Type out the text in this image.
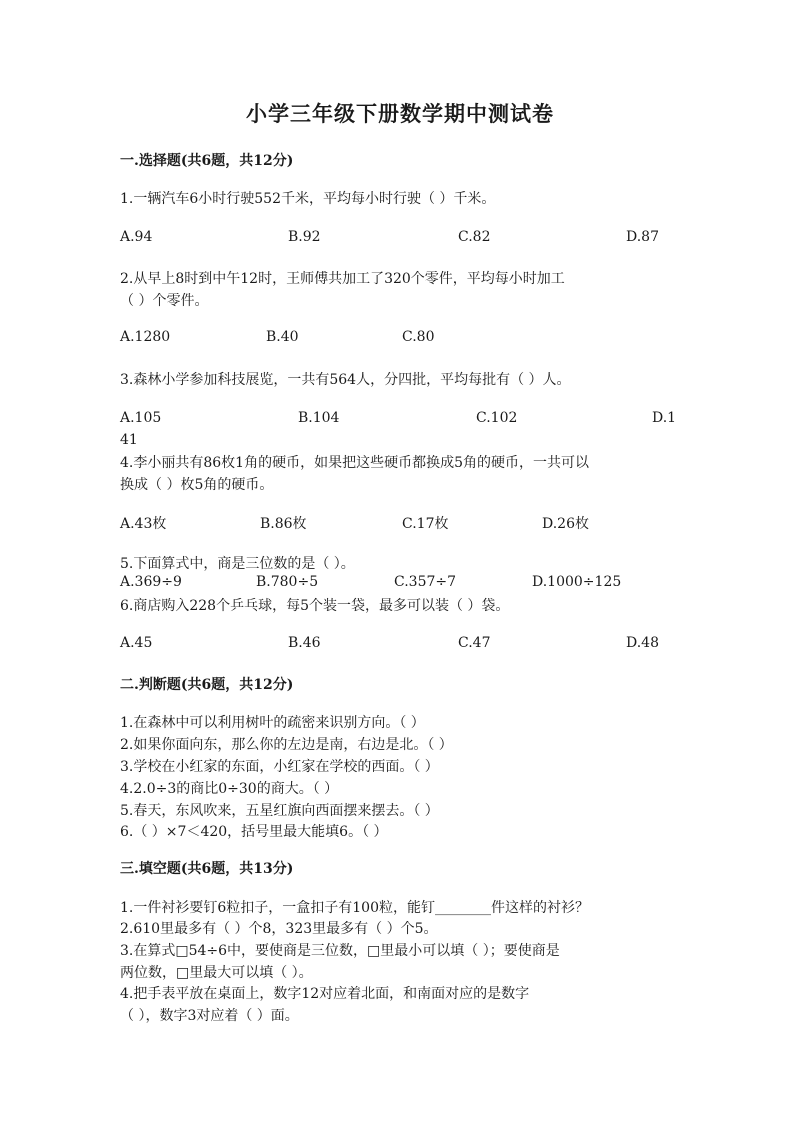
小学三年级下册数学期中测试卷
一.选择题(共6题，共12分)
1.一辆汽车6小时行驶552千米，平均每小时行驶（ ）千米。
A.94	B.92	C.82	D.87
2.从早上8时到中午12时，王师傅共加工了320个零件，平均每小时加工
（ ）个零件。
A.1280	B.40	C.80
3.森林小学参加科技展览，一共有564人，分四批，平均每批有（ ）人。
A.105	B.104	C.102	D.1
41
4.李小丽共有86枚1角的硬币，如果把这些硬币都换成5角的硬币，一共可以
换成（ ）枚5角的硬币。
A.43枚	B.86枚	C.17枚	D.26枚
5.下面算式中，商是三位数的是（ ）。
A.369÷9	B.780÷5	C.357÷7	D.1000÷125
6.商店购入228个乒乓球，每5个装一袋，最多可以装（ ）袋。
A.45	B.46	C.47	D.48
二.判断题(共6题，共12分)
1.在森林中可以利用树叶的疏密来识别方向。（ ）
2.如果你面向东，那么你的左边是南，右边是北。（ ）
3.学校在小红家的东面，小红家在学校的西面。（ ）
4.2.0÷3的商比0÷30的商大。（ ）
5.春天，东风吹来，五星红旗向西面摆来摆去。（ ）
6.（ ）×7＜420，括号里最大能填6。（ ）
三.填空题(共6题，共13分)
1.一件衬衫要钉6粒扣子，一盒扣子有100粒，能钉________件这样的衬衫？
2.610里最多有（ ）个8，323里最多有（ ）个5。
3.在算式□54÷6中，要使商是三位数，□里最小可以填（ ）；要使商是
两位数，□里最大可以填（ ）。
4.把手表平放在桌面上，数字12对应着北面，和南面对应的是数字
（ ），数字3对应着（ ）面。
